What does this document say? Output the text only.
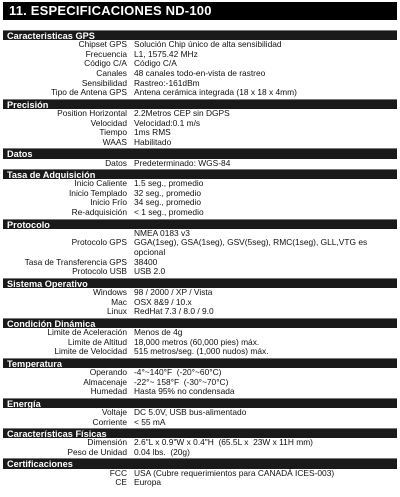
11. ESPECIFICACIONES ND-100
Caracteristicas GPS
Chipset GPS Solución Chip único de alta sensibilidad
Frecuencia L1, 1575.42 MHz
Código C/A Código C/A
Canales 48 canales todo-en-vista de rastreo
Sensibilidad Rastreo:-161dBm
Tipo de Antena GPS Antena cerámica integrada (18 x 18 x 4mm)
Precisión
Position Horizontal 2.2Metros CEP sin DGPS
Velocidad Velocidad:0.1 m/s
Tiempo 1ms RMS
WAAS Habilitado
Datos
Datos Predeterminado: WGS-84
Tasa de Adquisición
Inicio Caliente 1.5 seg., promedio
Inicio Templado 32 seg., promedio
Inicio Frío 34 seg., promedio
Re-adquisición < 1 seg., promedio
Protocolo
NMEA 0183 v3
Protocolo GPS GGA(1seg), GSA(1seg), GSV(5seg), RMC(1seg), GLL,VTG es opcional
Tasa de Transferencia GPS 38400
Protocolo USB USB 2.0
Sistema Operativo
Windows 98 / 2000 / XP / Vista
Mac OSX 8&9 / 10.x
Linux RedHat 7.3 / 8.0 / 9.0
Condición Dinámica
Limite de Aceleración Menos de 4g
Limite de Altitud 18,000 metros (60,000 pies) máx.
Limite de Velocidad 515 metros/seg. (1,000 nudos) máx.
Temperatura
Operando -4°~140°F  (-20°~60°C)
Almacenaje -22°~ 158°F  (-30°~70°C)
Humedad Hasta 95% no condensada
Energía
Voltaje DC 5.0V, USB bus-alimentado
Corriente < 55 mA
Características Físicas
Dimensión 2.6"L x 0.9"W x 0.4"H  (65.5L x  23W x 11H mm)
Peso de Unidad 0.04 lbs.  (20g)
Certificaciones
FCC USA (Cubre requerimientos para CANADÁ ICES-003)
CE Europa
